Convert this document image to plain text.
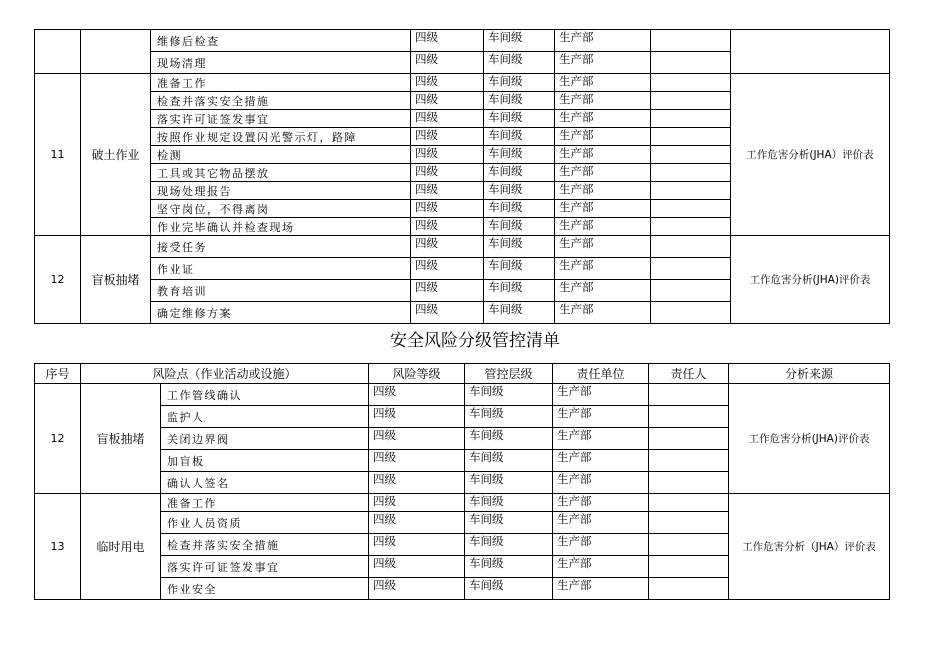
		维修后检查	四级	车间级	生产部		
		现场清理	四级	车间级	生产部		
11	破土作业	准备工作	四级	车间级	生产部		工作危害分析(JHA）评价表
		检查并落实安全措施	四级	车间级	生产部		
		落实许可证签发事宜	四级	车间级	生产部		
		按照作业规定设置闪光警示灯，路障	四级	车间级	生产部		
		检测	四级	车间级	生产部		
		工具或其它物品摆放	四级	车间级	生产部		
		现场处理报告	四级	车间级	生产部		
		坚守岗位，不得离岗	四级	车间级	生产部		
		作业完毕确认并检查现场	四级	车间级	生产部		
12	盲板抽堵	接受任务	四级	车间级	生产部		工作危害分析(JHA)评价表
		作业证	四级	车间级	生产部		
		教育培训	四级	车间级	生产部		
		确定维修方案	四级	车间级	生产部		
安全风险分级管控清单
序号	风险点（作业活动或设施）		风险等级	管控层级	责任单位	责任人	分析来源
12	盲板抽堵	工作管线确认	四级	车间级	生产部		工作危害分析(JHA)评价表
		监护人	四级	车间级	生产部		
		关闭边界阀	四级	车间级	生产部		
		加盲板	四级	车间级	生产部		
		确认人签名	四级	车间级	生产部		
13	临时用电	准备工作	四级	车间级	生产部		工作危害分析（JHA）评价表
		作业人员资质	四级	车间级	生产部		
		检查并落实安全措施	四级	车间级	生产部		
		落实许可证签发事宜	四级	车间级	生产部		
		作业安全	四级	车间级	生产部		
